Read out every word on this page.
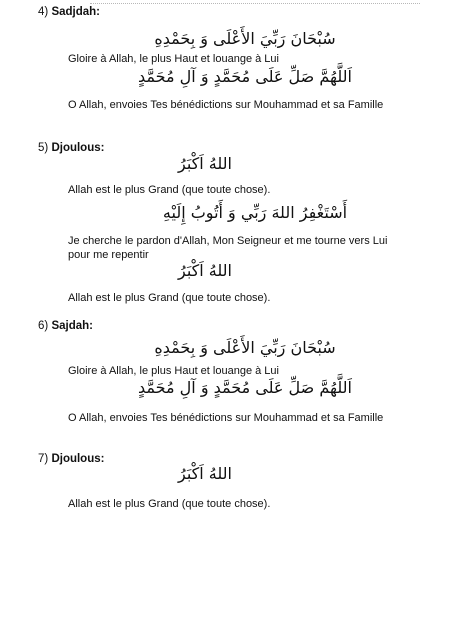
4) Sadjdah:
سُبْحَانَ رَبِّيَ الأَعْلَى وَ بِحَمْدِهِ
Gloire à Allah, le plus Haut et louange à Lui
اَللَّهُمَّ صَلِّ عَلَى مُحَمَّدٍ وَ آلِ مُحَمَّدٍ
O Allah, envoies Tes bénédictions sur Mouhammad et sa Famille
5) Djoulous:
اللهُ اَكْبَرُ
Allah est le plus Grand (que toute chose).
أَسْتَغْفِرُ اللهَ رَبِّي وَ أَتُوبُ إِلَيْهِ
Je cherche le pardon d'Allah, Mon Seigneur et me tourne vers Lui pour me repentir
اللهُ اَكْبَرُ
Allah est le plus Grand (que toute chose).
6) Sajdah:
سُبْحَانَ رَبِّيَ الأَعْلَى وَ بِحَمْدِهِ
Gloire à Allah, le plus Haut et louange à Lui
اَللَّهُمَّ صَلِّ عَلَى مُحَمَّدٍ وَ آلِ مُحَمَّدٍ
O Allah, envoies Tes bénédictions sur Mouhammad et sa Famille
7) Djoulous:
اللهُ اَكْبَرُ
Allah est le plus Grand (que toute chose).
